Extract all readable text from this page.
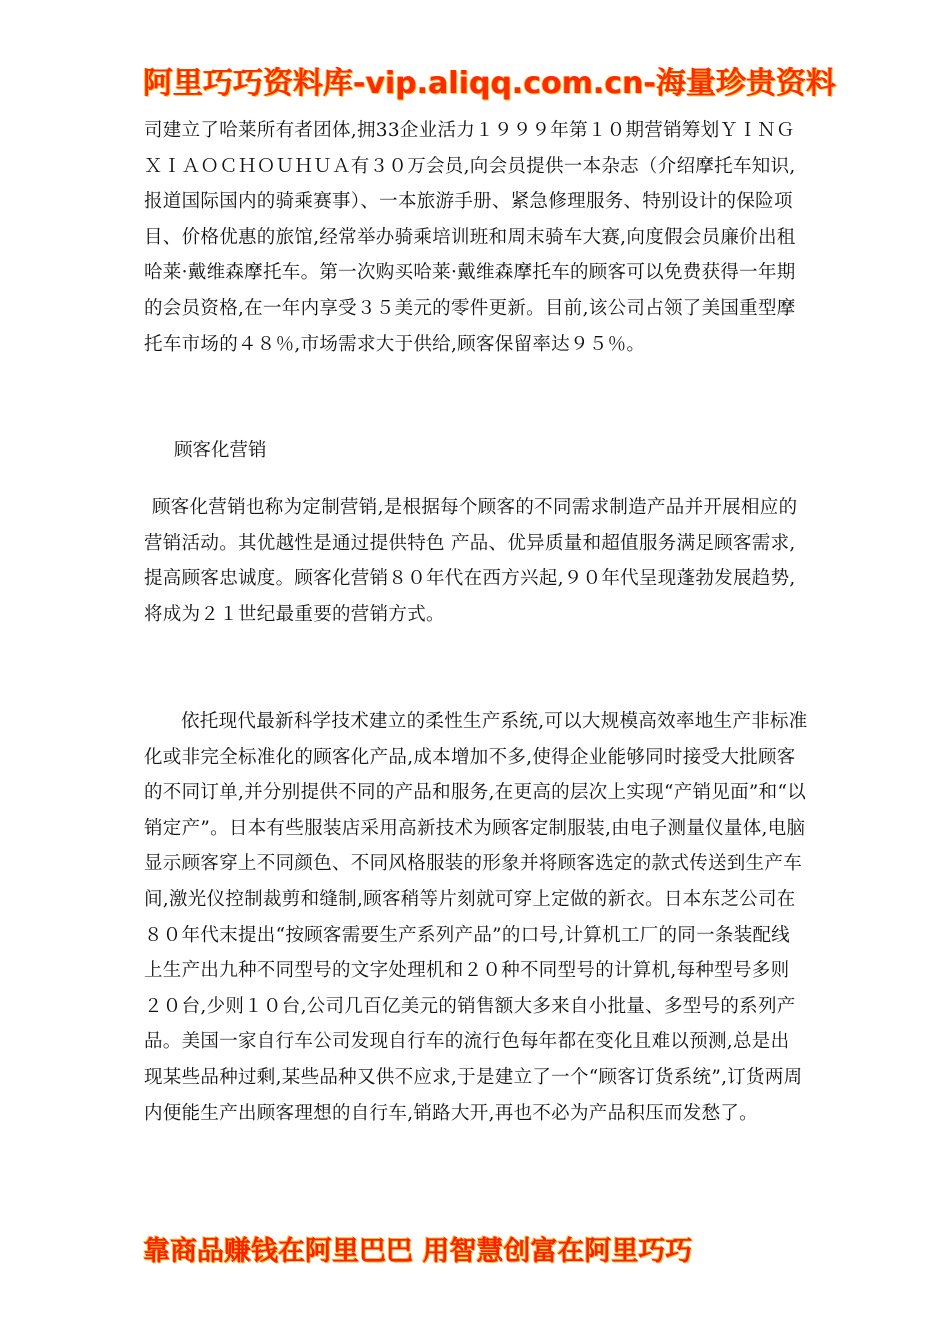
阿里巧巧资料库-vip.aliqq.com.cn-海量珍贵资料

司建立了哈莱所有者团体,拥33企业活力１９９９年第１０期营销筹划ＹＩＮＧＸＩＡＯＣＨＯＵＨＵＡ有３０万会员,向会员提供一本杂志（介绍摩托车知识,报道国际国内的骑乘赛事）、一本旅游手册、紧急修理服务、特别设计的保险项目、价格优惠的旅馆,经常举办骑乘培训班和周末骑车大赛,向度假会员廉价出租哈莱·戴维森摩托车。第一次购买哈莱·戴维森摩托车的顾客可以免费获得一年期的会员资格,在一年内享受３５美元的零件更新。目前,该公司占领了美国重型摩托车市场的４８％,市场需求大于供给,顾客保留率达９５％。

顾客化营销

顾客化营销也称为定制营销,是根据每个顾客的不同需求制造产品并开展相应的营销活动。其优越性是通过提供特色 产品、优异质量和超值服务满足顾客需求,提高顾客忠诚度。顾客化营销８０年代在西方兴起,９０年代呈现蓬勃发展趋势,将成为２１世纪最重要的营销方式。

依托现代最新科学技术建立的柔性生产系统,可以大规模高效率地生产非标准化或非完全标准化的顾客化产品,成本增加不多,使得企业能够同时接受大批顾客的不同订单,并分别提供不同的产品和服务,在更高的层次上实现“产销见面”和“以销定产”。日本有些服装店采用高新技术为顾客定制服装,由电子测量仪量体,电脑显示顾客穿上不同颜色、不同风格服装的形象并将顾客选定的款式传送到生产车间,激光仪控制裁剪和缝制,顾客稍等片刻就可穿上定做的新衣。日本东芝公司在８０年代末提出“按顾客需要生产系列产品”的口号,计算机工厂的同一条装配线上生产出九种不同型号的文字处理机和２０种不同型号的计算机,每种型号多则２０台,少则１０台,公司几百亿美元的销售额大多来自小批量、多型号的系列产品。美国一家自行车公司发现自行车的流行色每年都在变化且难以预测,总是出现某些品种过剩,某些品种又供不应求,于是建立了一个“顾客订货系统”,订货两周内便能生产出顾客理想的自行车,销路大开,再也不必为产品积压而发愁了。

靠商品赚钱在阿里巴巴 用智慧创富在阿里巧巧
